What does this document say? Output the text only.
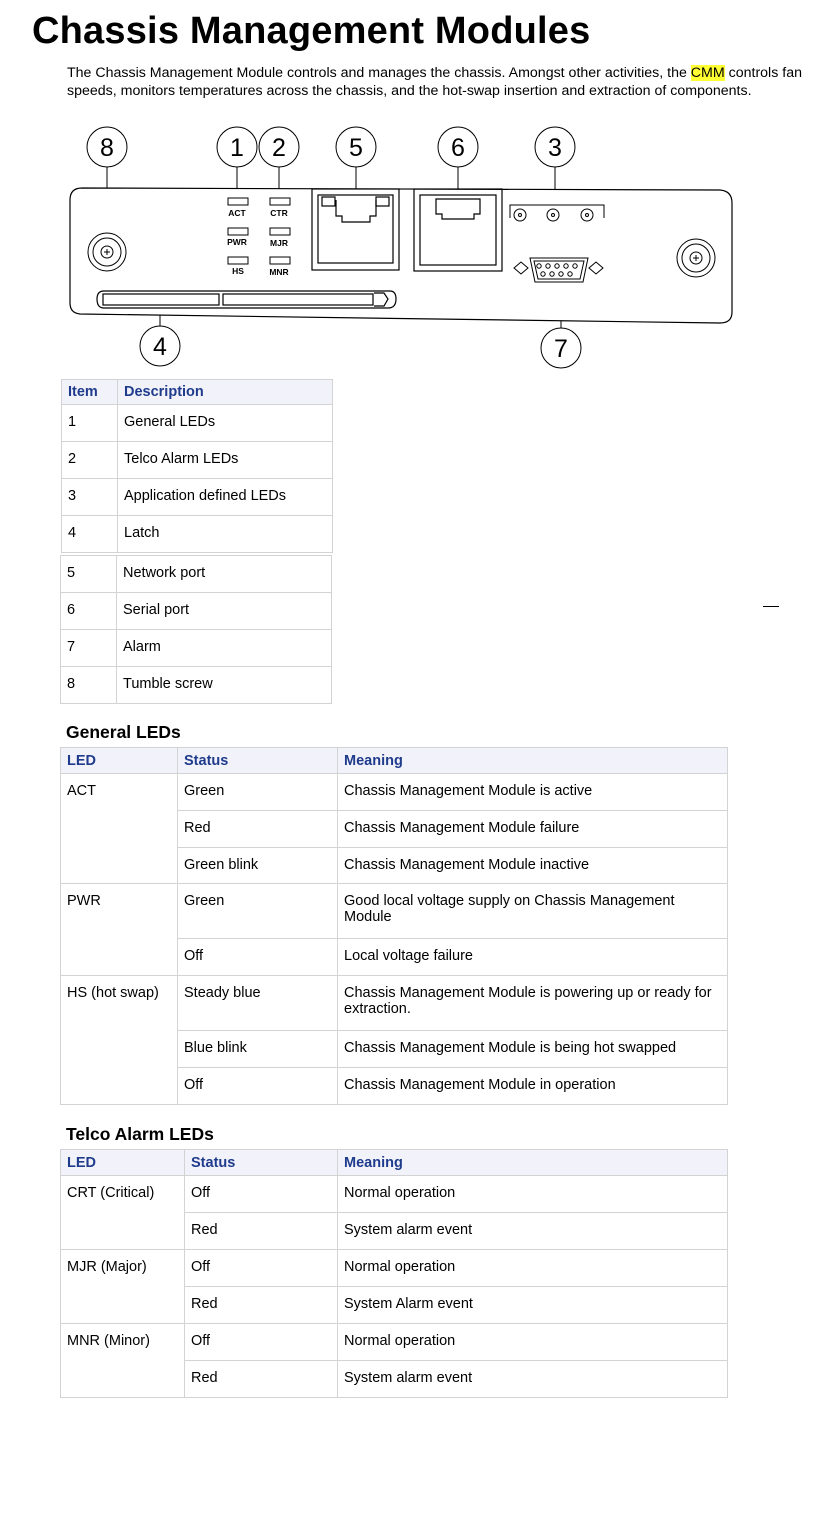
Chassis Management Modules
The Chassis Management Module controls and manages the chassis. Amongst other activities, the CMM controls fan speeds, monitors temperatures across the chassis, and the hot-swap insertion and extraction of components.
ACT	CTR
PWR	MJR
HS	MNR
8	1 2	5	6	3
4	7
Item	Description
1	General LEDs
2	Telco Alarm LEDs
3	Application defined LEDs
4	Latch
5	Network port
6	Serial port
7	Alarm
8	Tumble screw
General LEDs
LED	Status	Meaning
ACT	Green	Chassis Management Module is active
	Red	Chassis Management Module failure
	Green blink	Chassis Management Module inactive
PWR	Green	Good local voltage supply on Chassis Management Module
	Off	Local voltage failure
HS (hot swap)	Steady blue	Chassis Management Module is powering up or ready for extraction.
	Blue blink	Chassis Management Module is being hot swapped
	Off	Chassis Management Module in operation
Telco Alarm LEDs
LED	Status	Meaning
CRT (Critical)	Off	Normal operation
	Red	System alarm event
MJR (Major)	Off	Normal operation
	Red	System Alarm event
MNR (Minor)	Off	Normal operation
	Red	System alarm event
